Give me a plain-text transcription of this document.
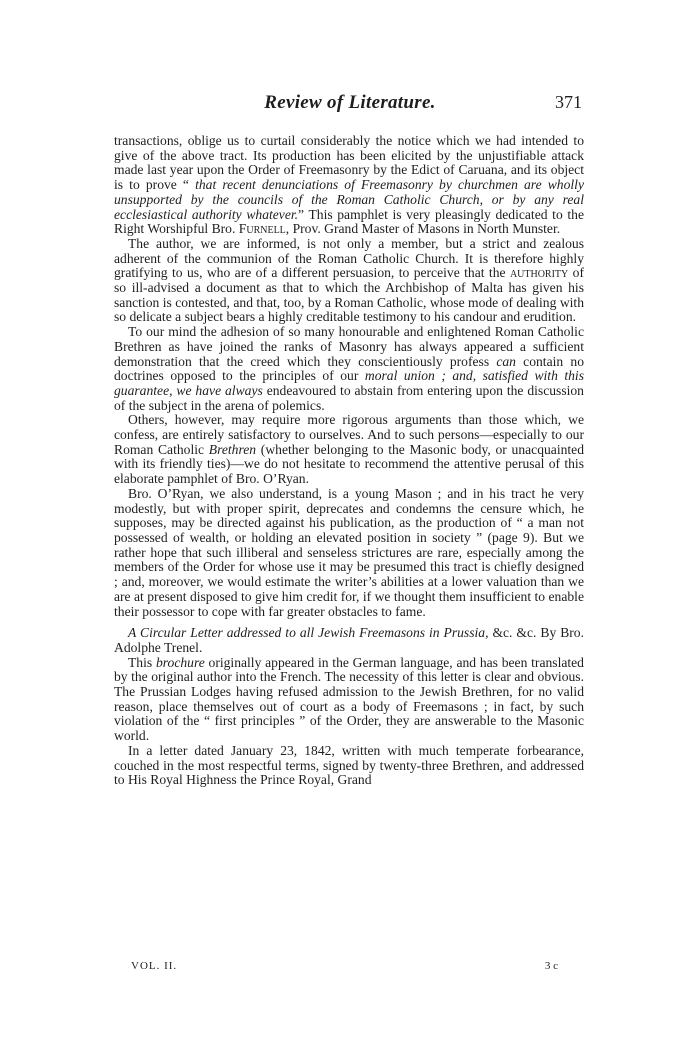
Review of Literature.	371

transactions, oblige us to curtail considerably the notice which we had intended to give of the above tract. Its production has been elicited by the unjustifiable attack made last year upon the Order of Freemasonry by the Edict of Caruana, and its object is to prove “ that recent denunciations of Freemasonry by churchmen are wholly unsupported by the councils of the Roman Catholic Church, or by any real ecclesiastical authority whatever.” This pamphlet is very pleasingly dedicated to the Right Worshipful Bro. Furnell, Prov. Grand Master of Masons in North Munster.

The author, we are informed, is not only a member, but a strict and zealous adherent of the communion of the Roman Catholic Church. It is therefore highly gratifying to us, who are of a different persuasion, to perceive that the authority of so ill-advised a document as that to which the Archbishop of Malta has given his sanction is contested, and that, too, by a Roman Catholic, whose mode of dealing with so delicate a subject bears a highly creditable testimony to his candour and erudition.

To our mind the adhesion of so many honourable and enlightened Roman Catholic Brethren as have joined the ranks of Masonry has always appeared a sufficient demonstration that the creed which they conscientiously profess can contain no doctrines opposed to the principles of our moral union ; and, satisfied with this guarantee, we have always endeavoured to abstain from entering upon the discussion of the subject in the arena of polemics.

Others, however, may require more rigorous arguments than those which, we confess, are entirely satisfactory to ourselves. And to such persons—especially to our Roman Catholic Brethren (whether belonging to the Masonic body, or unacquainted with its friendly ties)—we do not hesitate to recommend the attentive perusal of this elaborate pamphlet of Bro. O’Ryan.

Bro. O’Ryan, we also understand, is a young Mason ; and in his tract he very modestly, but with proper spirit, deprecates and condemns the censure which, he supposes, may be directed against his publication, as the production of “ a man not possessed of wealth, or holding an elevated position in society ” (page 9). But we rather hope that such illiberal and senseless strictures are rare, especially among the members of the Order for whose use it may be presumed this tract is chiefly designed ; and, moreover, we would estimate the writer’s abilities at a lower valuation than we are at present disposed to give him credit for, if we thought them insufficient to enable their possessor to cope with far greater obstacles to fame.

A Circular Letter addressed to all Jewish Freemasons in Prussia, &c. &c. By Bro. Adolphe Trenel.

This brochure originally appeared in the German language, and has been translated by the original author into the French. The necessity of this letter is clear and obvious. The Prussian Lodges having refused admission to the Jewish Brethren, for no valid reason, place themselves out of court as a body of Freemasons ; in fact, by such violation of the “ first principles ” of the Order, they are answerable to the Masonic world.

In a letter dated January 23, 1842, written with much temperate forbearance, couched in the most respectful terms, signed by twenty-three Brethren, and addressed to His Royal Highness the Prince Royal, Grand

VOL. II.	3 c
